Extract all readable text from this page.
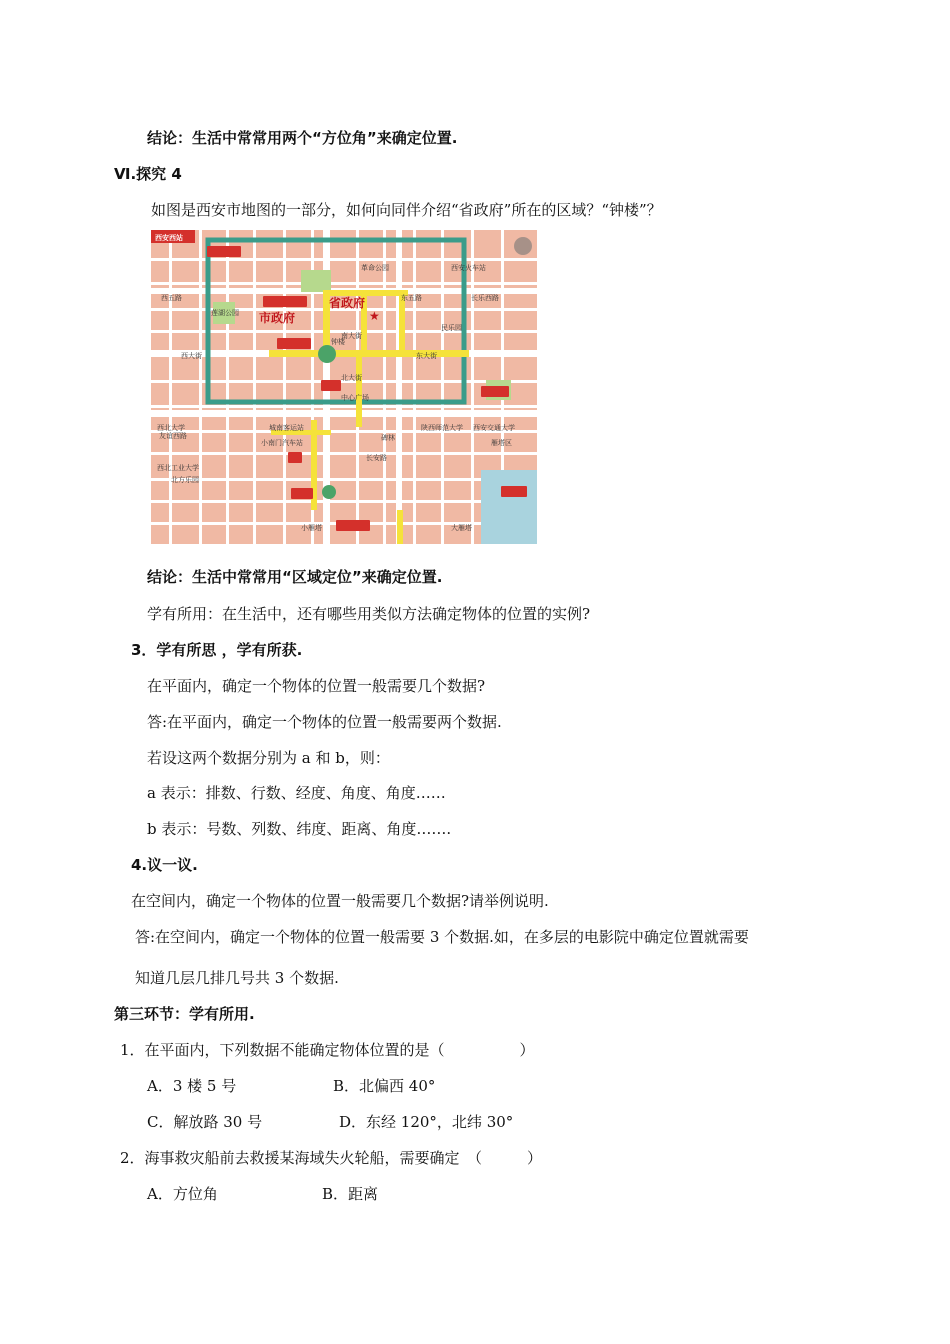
结论：生活中常常用两个“方位角”来确定位置.
Ⅵ.探究 4
如图是西安市地图的一部分，如何向同伴介绍“省政府”所在的区域？“钟楼”？
西安西站
省政府
★
市政府
西五路	东五路	长乐西路
西大街	东大街
南大街
北大街
友谊西路
长安路
钟楼
小雁塔	大雁塔
雁塔区
西北大学	陕西师范大学 西安交通大学
西安火车站
革命公园
莲湖公园
西北工业大学
北方乐园
碑林
城南客运站
小南门汽车站
中心广场
民乐园
结论：生活中常常用“区域定位”来确定位置.
学有所用：在生活中，还有哪些用类似方法确定物体的位置的实例?
3．学有所思 ，学有所获.
在平面内，确定一个物体的位置一般需要几个数据?
答:在平面内，确定一个物体的位置一般需要两个数据.
若设这两个数据分别为 a 和 b，则：
a 表示：排数、行数、经度、角度、角度……
b 表示：号数、列数、纬度、距离、角度…….
4.议一议.
在空间内，确定一个物体的位置一般需要几个数据?请举例说明.
答:在空间内，确定一个物体的位置一般需要 3 个数据.如，在多层的电影院中确定位置就需要
知道几层几排几号共 3 个数据.
第三环节：学有所用.
1．在平面内，下列数据不能确定物体位置的是（　　　　　）
A．3 楼 5 号	B．北偏西 40°
C．解放路 30 号	D．东经 120°，北纬 30°
2．海事救灾船前去救援某海域失火轮船，需要确定　（　　　）
A．方位角	B．距离
